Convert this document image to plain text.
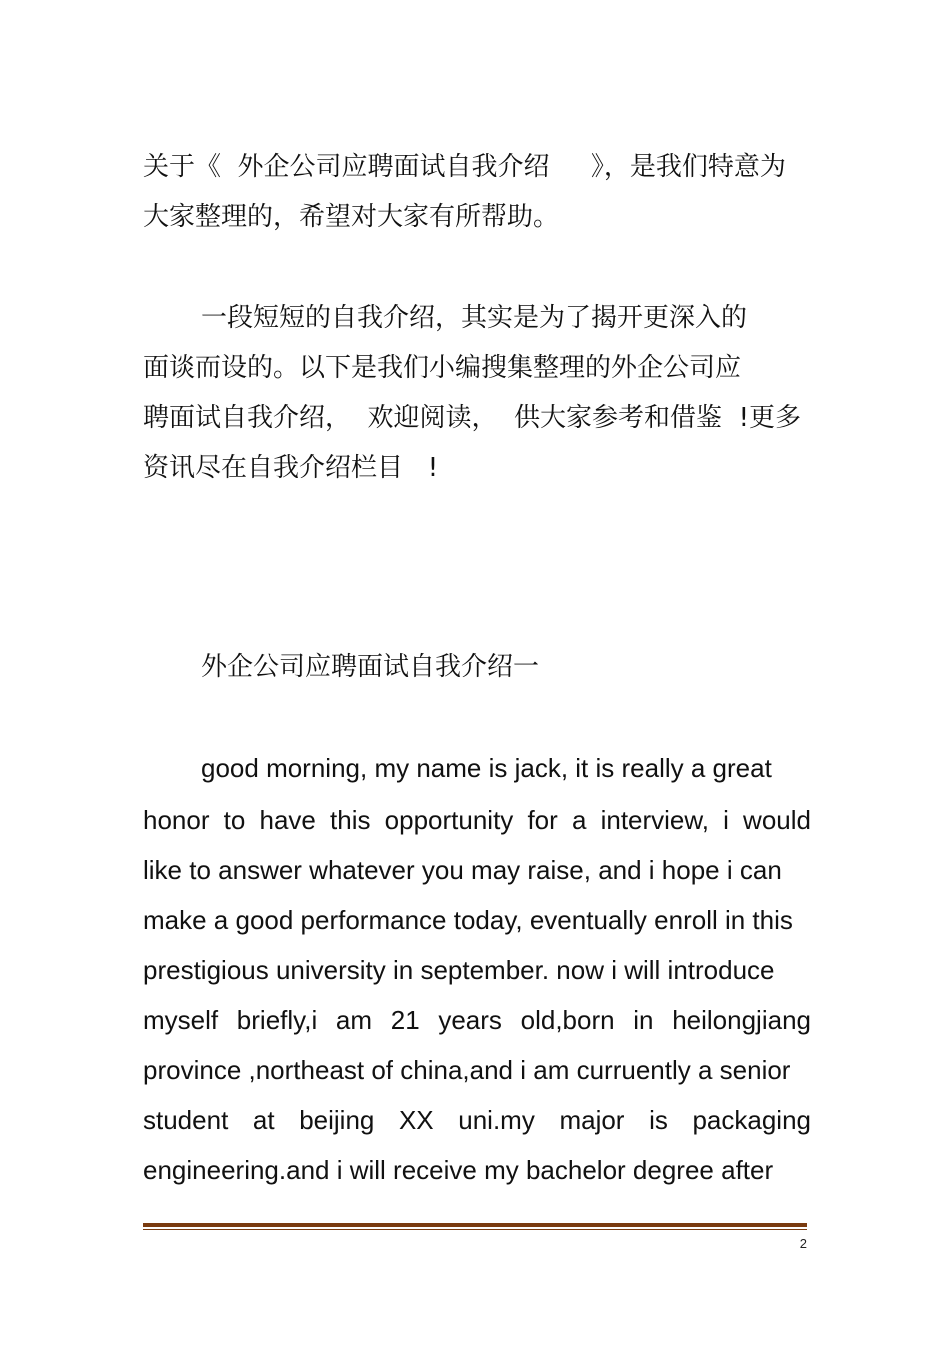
关于《  外企公司应聘面试自我介绍     》，是我们特意为
大家整理的，希望对大家有所帮助。
一段短短的自我介绍，其实是为了揭开更深入的
面谈而设的。以下是我们小编搜集整理的外企公司应
聘面试自我介绍，  欢迎阅读，  供大家参考和借鉴  !更多
资讯尽在自我介绍栏目   !
外企公司应聘面试自我介绍一
good morning, my name is jack, it is really a great
honor to have this opportunity for a interview, i would
like to answer whatever you may raise, and i hope i can
make a good performance today, eventually enroll in this
prestigious university in september. now i will introduce
myself briefly,i am 21 years old,born in heilongjiang
province ,northeast of china,and i am curruently a senior
student at beijing XX uni.my major is packaging
engineering.and i will receive my bachelor degree after
2
